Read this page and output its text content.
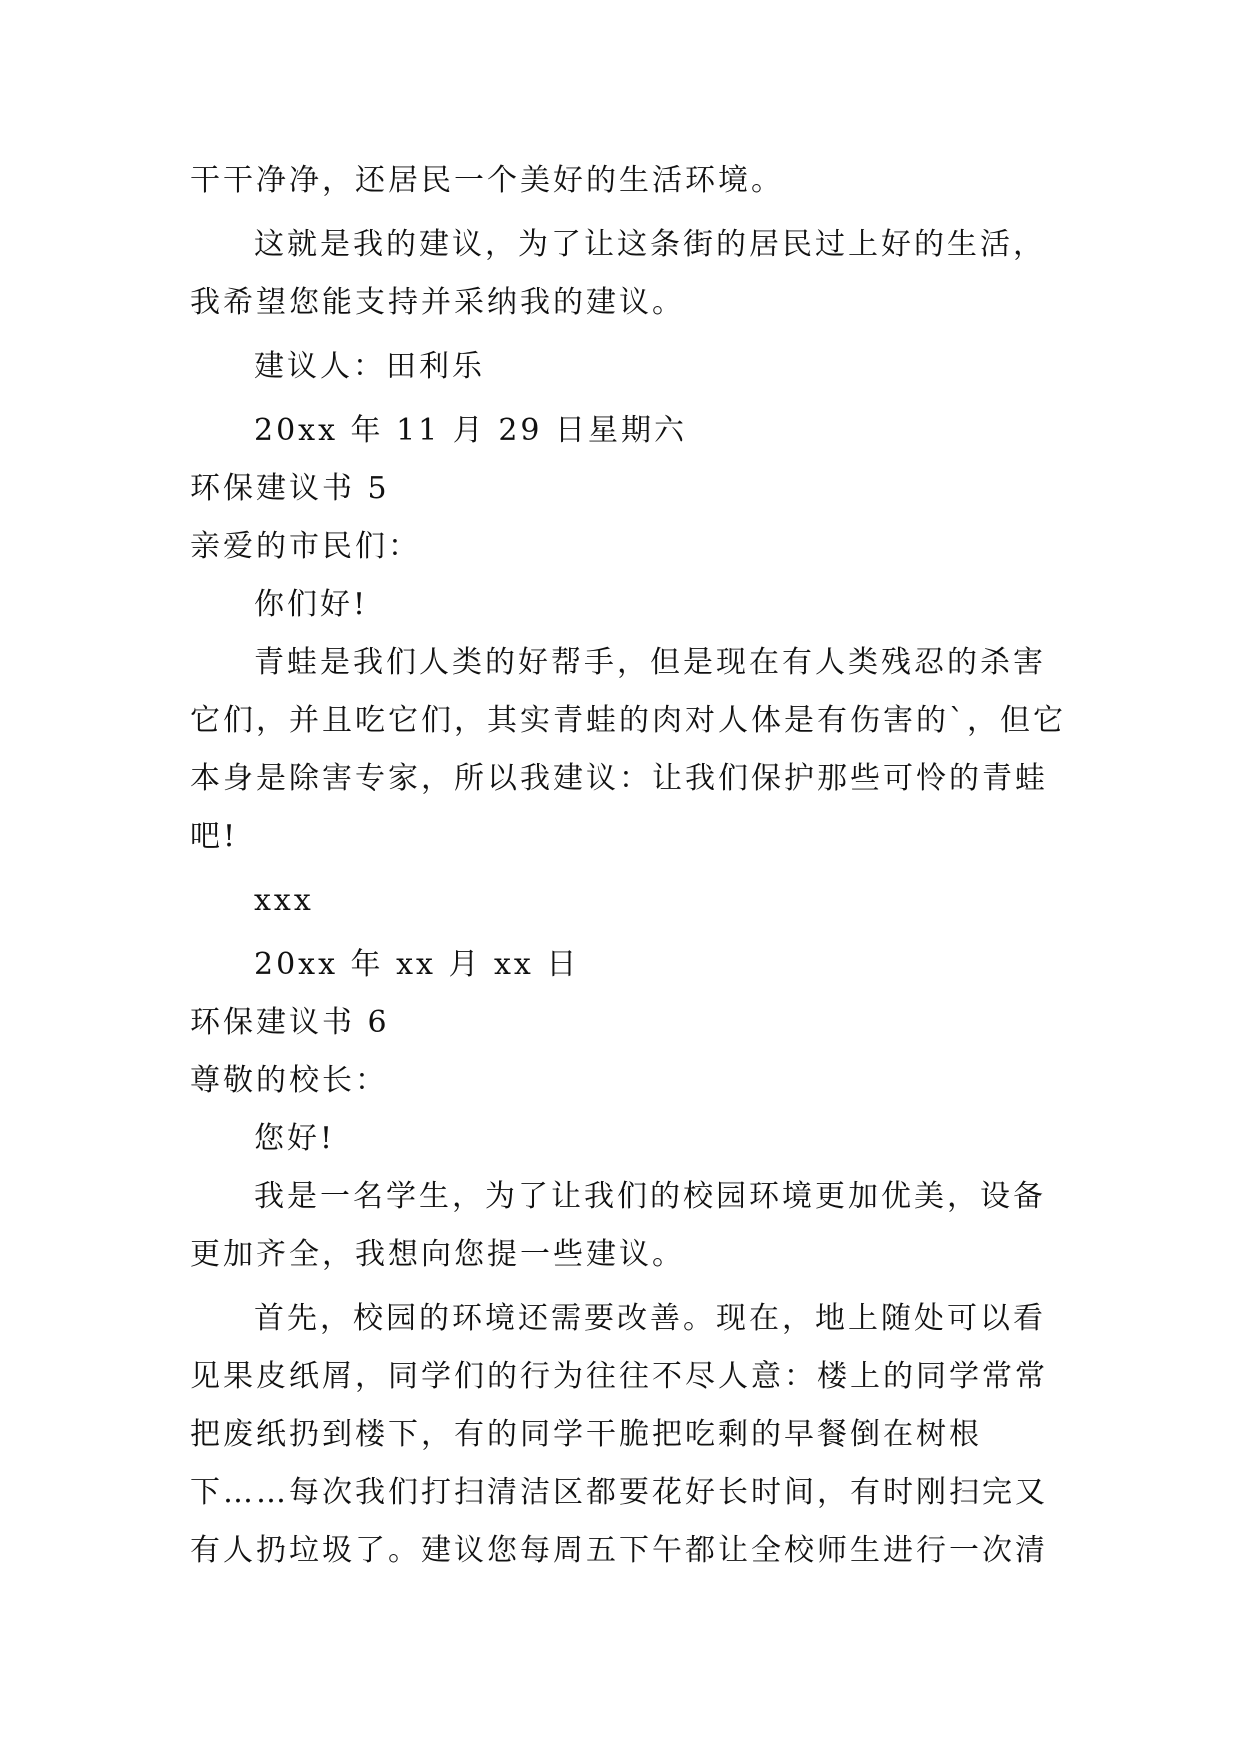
干干净净，还居民一个美好的生活环境。

这就是我的建议，为了让这条街的居民过上好的生活，我希望您能支持并采纳我的建议。

建议人：田利乐

20xx 年 11 月 29 日星期六

环保建议书 5

亲爱的市民们：

你们好!

青蛙是我们人类的好帮手，但是现在有人类残忍的杀害它们，并且吃它们，其实青蛙的肉对人体是有伤害的`，但它本身是除害专家，所以我建议：让我们保护那些可怜的青蛙吧!

xxx

20xx 年 xx 月 xx 日

环保建议书 6

尊敬的校长：

您好!

我是一名学生，为了让我们的校园环境更加优美，设备更加齐全，我想向您提一些建议。

首先，校园的环境还需要改善。现在，地上随处可以看见果皮纸屑，同学们的行为往往不尽人意：楼上的同学常常把废纸扔到楼下，有的同学干脆把吃剩的早餐倒在树根下……每次我们打扫清洁区都要花好长时间，有时刚扫完又有人扔垃圾了。建议您每周五下午都让全校师生进行一次清
